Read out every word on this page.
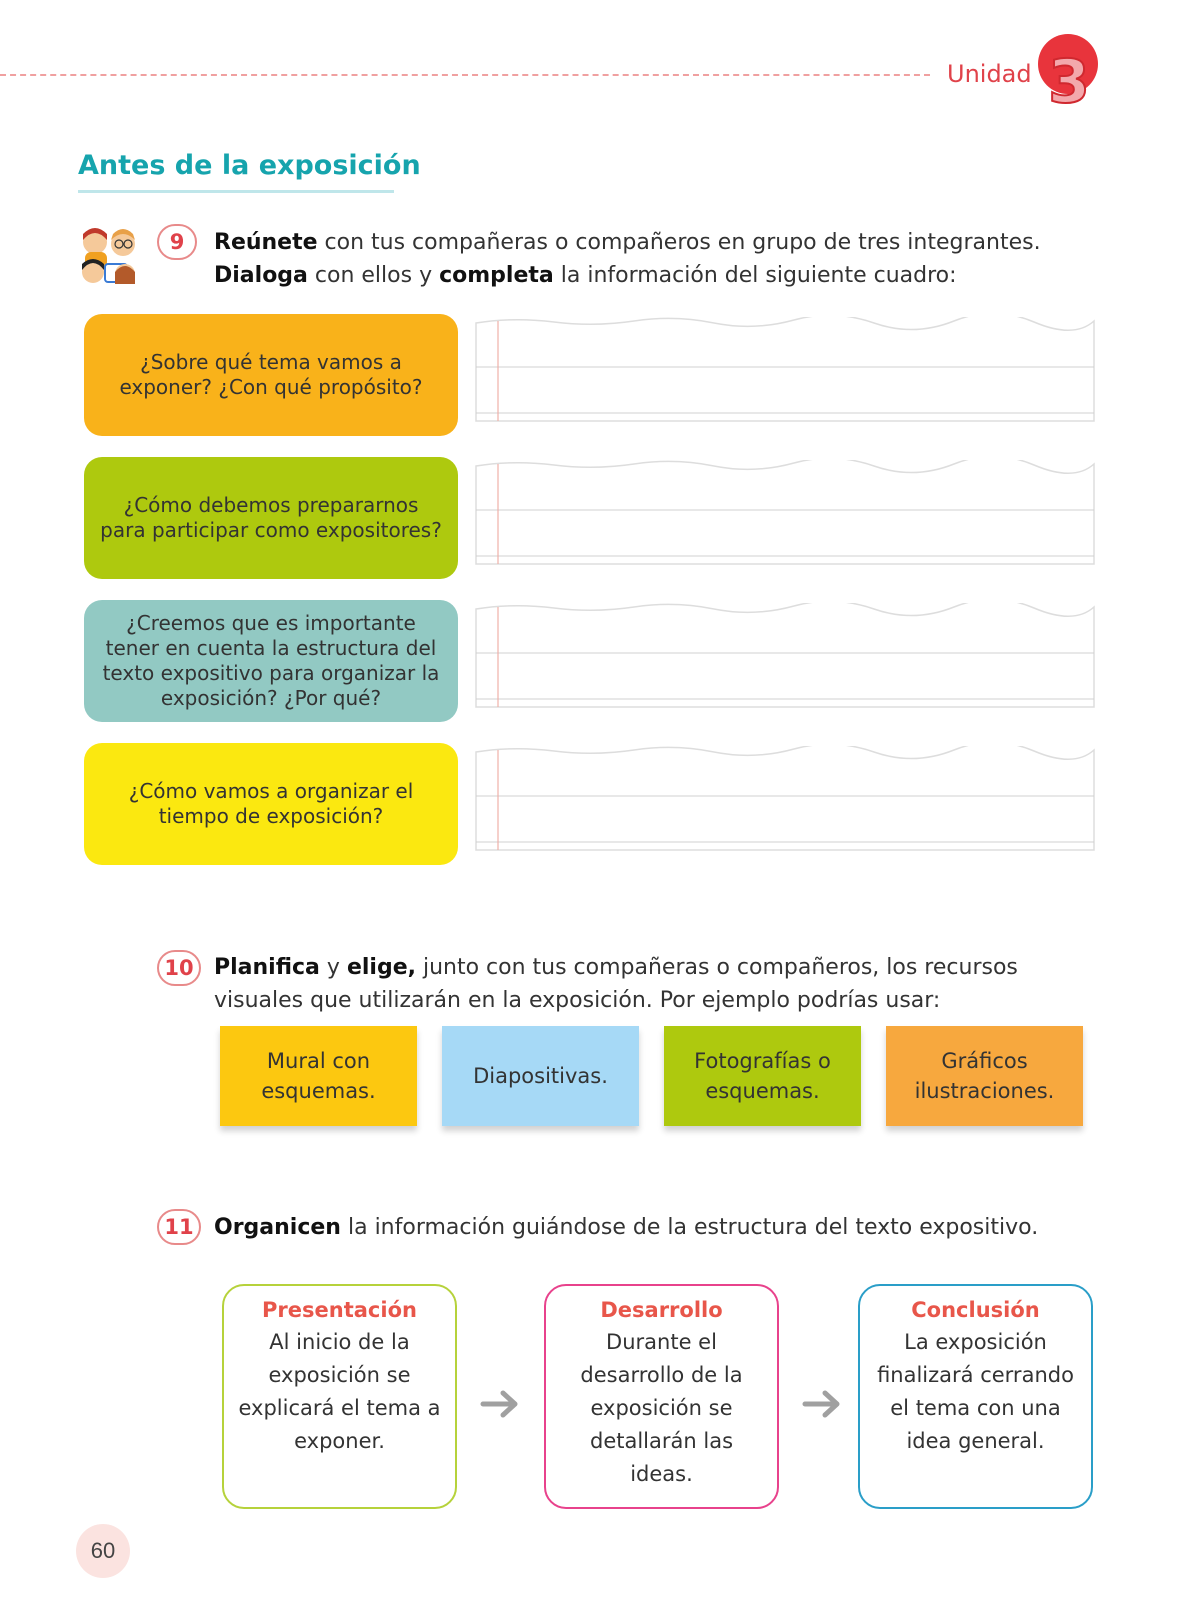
Unidad 3
Antes de la exposición
9	Reúnete con tus compañeras o compañeros en grupo de tres integrantes.
Dialoga con ellos y completa la información del siguiente cuadro:
¿Sobre qué tema vamos a exponer? ¿Con qué propósito?
¿Cómo debemos prepararnos para participar como expositores?
¿Creemos que es importante tener en cuenta la estructura del texto expositivo para organizar la exposición? ¿Por qué?
¿Cómo vamos a organizar el tiempo de exposición?
10 Planifica y elige, junto con tus compañeras o compañeros, los recursos
visuales que utilizarán en la exposición. Por ejemplo podrías usar:
Mural con esquemas.
Diapositivas.
Fotografías o esquemas.
Gráficos ilustraciones.
11 Organicen la información guiándose de la estructura del texto expositivo.
Presentación
Al inicio de la exposición se explicará el tema a exponer.
Desarrollo
Durante el desarrollo de la exposición se detallarán las ideas.
Conclusión
La exposición finalizará cerrando el tema con una idea general.
60
